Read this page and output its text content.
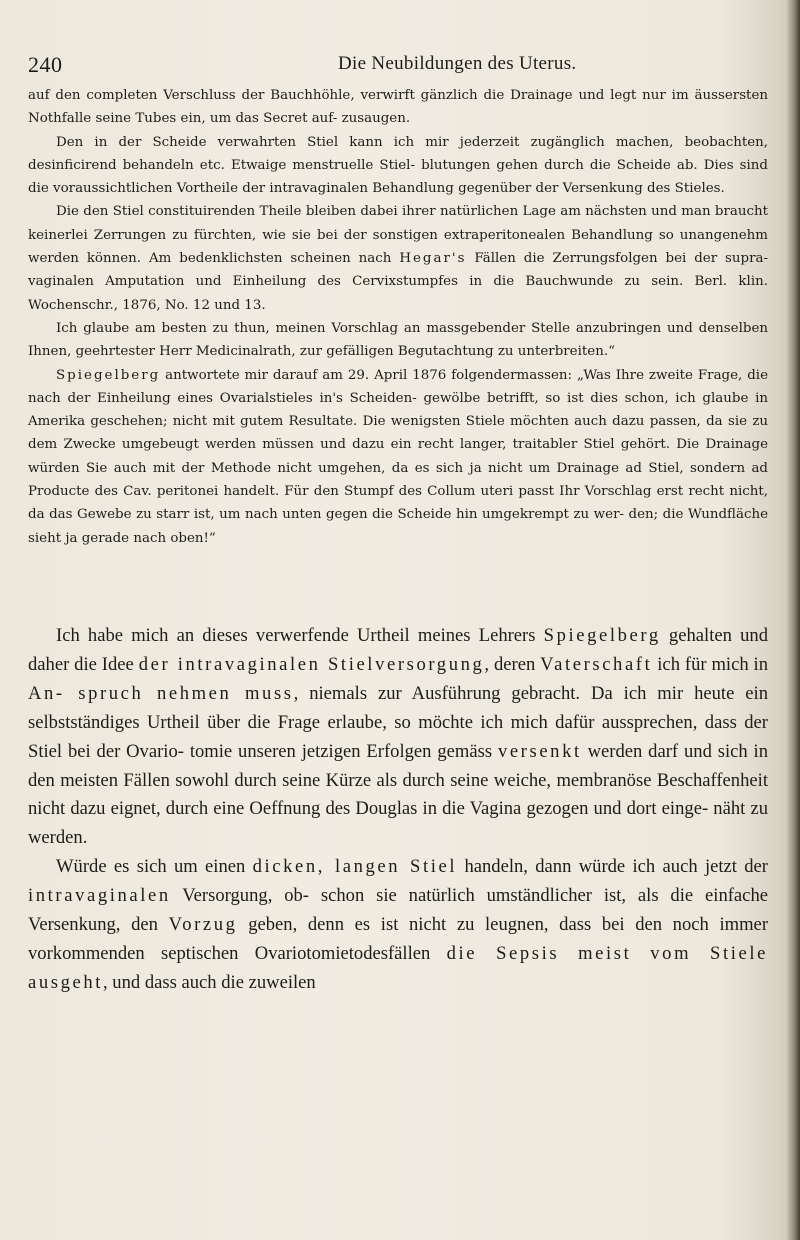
240	Die Neubildungen des Uterus.

auf den completen Verschluss der Bauchhöhle, verwirft gänzlich die Drainage und legt nur im äussersten Nothfalle seine Tubes ein, um das Secret auf- zusaugen.

Den in der Scheide verwahrten Stiel kann ich mir jederzeit zugänglich machen, beobachten, desinficirend behandeln etc. Etwaige menstruelle Stiel- blutungen gehen durch die Scheide ab. Dies sind die voraussichtlichen Vortheile der intravaginalen Behandlung gegenüber der Versenkung des Stieles.

Die den Stiel constituirenden Theile bleiben dabei ihrer natürlichen Lage am nächsten und man braucht keinerlei Zerrungen zu fürchten, wie sie bei der sonstigen extraperitonealen Behandlung so unangenehm werden können. Am bedenklichsten scheinen nach Hegar's Fällen die Zerrungsfolgen bei der supra- vaginalen Amputation und Einheilung des Cervixstumpfes in die Bauchwunde zu sein. Berl. klin. Wochenschr., 1876, No. 12 und 13.

Ich glaube am besten zu thun, meinen Vorschlag an massgebender Stelle anzubringen und denselben Ihnen, geehrtester Herr Medicinalrath, zur gefälligen Begutachtung zu unterbreiten.“

Spiegelberg antwortete mir darauf am 29. April 1876 folgendermassen: „Was Ihre zweite Frage, die nach der Einheilung eines Ovarialstieles in's Scheiden- gewölbe betrifft, so ist dies schon, ich glaube in Amerika geschehen; nicht mit gutem Resultate. Die wenigsten Stiele möchten auch dazu passen, da sie zu dem Zwecke umgebeugt werden müssen und dazu ein recht langer, traitabler Stiel gehört. Die Drainage würden Sie auch mit der Methode nicht umgehen, da es sich ja nicht um Drainage ad Stiel, sondern ad Producte des Cav. peritonei handelt. Für den Stumpf des Collum uteri passt Ihr Vorschlag erst recht nicht, da das Gewebe zu starr ist, um nach unten gegen die Scheide hin umgekrempt zu wer- den; die Wundfläche sieht ja gerade nach oben!“

Ich habe mich an dieses verwerfende Urtheil meines Lehrers Spiegelberg gehalten und daher die Idee der intravaginalen Stielversorgung, deren Vaterschaft ich für mich in An- spruch nehmen muss, niemals zur Ausführung gebracht. Da ich mir heute ein selbstständiges Urtheil über die Frage erlaube, so möchte ich mich dafür aussprechen, dass der Stiel bei der Ovario- tomie unseren jetzigen Erfolgen gemäss versenkt werden darf und sich in den meisten Fällen sowohl durch seine Kürze als durch seine weiche, membranöse Beschaffenheit nicht dazu eignet, durch eine Oeffnung des Douglas in die Vagina gezogen und dort einge- näht zu werden.

Würde es sich um einen dicken, langen Stiel handeln, dann würde ich auch jetzt der intravaginalen Versorgung, ob- schon sie natürlich umständlicher ist, als die einfache Versenkung, den Vorzug geben, denn es ist nicht zu leugnen, dass bei den noch immer vorkommenden septischen Ovariotomietodesfällen die Sepsis meist vom Stiele ausgeht, und dass auch die zuweilen
